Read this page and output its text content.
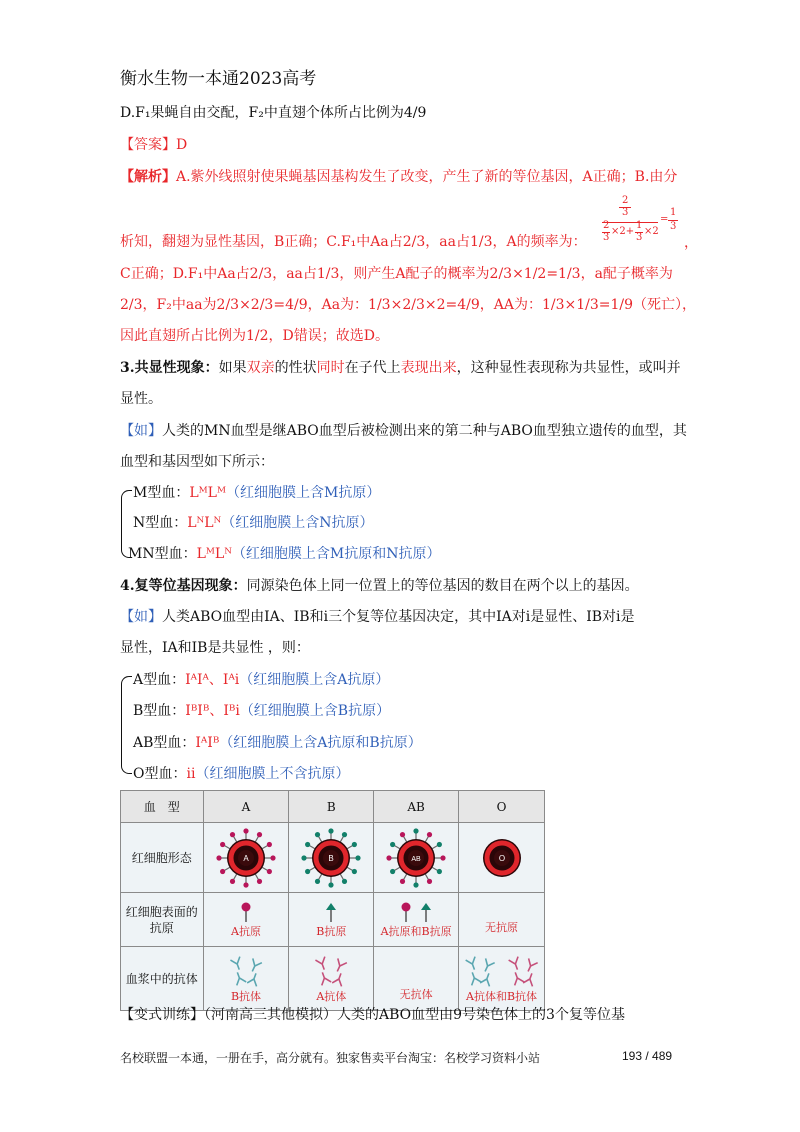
衡水生物一本通2023高考
D.F₁果蝇自由交配，F₂中直翅个体所占比例为4/9
【答案】D
【解析】A.紫外线照射使果蝇基因基构发生了改变，产生了新的等位基因，A正确；B.由分
2
3
2
3
×2+
1
3
×2
=
1
3
析知，翻翅为显性基因，B正确；C.F₁中Aa占2/3，aa占1/3，A的频率为：	，
C正确；D.F₁中Aa占2/3，aa占1/3，则产生A配子的概率为2/3×1/2=1/3，a配子概率为
2/3，F₂中aa为2/3×2/3=4/9，Aa为：1/3×2/3×2=4/9，AA为：1/3×1/3=1/9（死亡），
因此直翅所占比例为1/2，D错误；故选D。
3.共显性现象：如果双亲的性状同时在子代上表现出来，这种显性表现称为共显性，或叫并
显性。
【如】人类的MN血型是继ABO血型后被检测出来的第二种与ABO血型独立遗传的血型，其
血型和基因型如下所示：
M型血：LᴹLᴹ（红细胞膜上含M抗原）
N型血：LᴺLᴺ（红细胞膜上含N抗原）
MN型血：LᴹLᴺ（红细胞膜上含M抗原和N抗原）
4.复等位基因现象：同源染色体上同一位置上的等位基因的数目在两个以上的基因。
【如】人类ABO血型由IA、IB和i三个复等位基因决定，其中IA对i是显性、IB对i是
显性，IA和IB是共显性 ，则：
A型血：IᴬIᴬ、Iᴬi（红细胞膜上含A抗原）
B型血：IᴮIᴮ、Iᴮi（红细胞膜上含B抗原）
AB型血：IᴬIᴮ（红细胞膜上含A抗原和B抗原）
O型血：ii（红细胞膜上不含抗原）
血　型	A	B	AB	O
红细胞形态	A	B	AB	O

红细胞表面的抗原	A抗原	B抗原	A抗原和B抗原	无抗原

血浆中的抗体	B抗体	A抗体	无抗体	A抗体和B抗体
【变式训练】（河南高三其他模拟）人类的ABO血型由9号染色体上的3个复等位基
名校联盟一本通，一册在手，高分就有。独家售卖平台淘宝：名校学习资料小站	193 / 489
